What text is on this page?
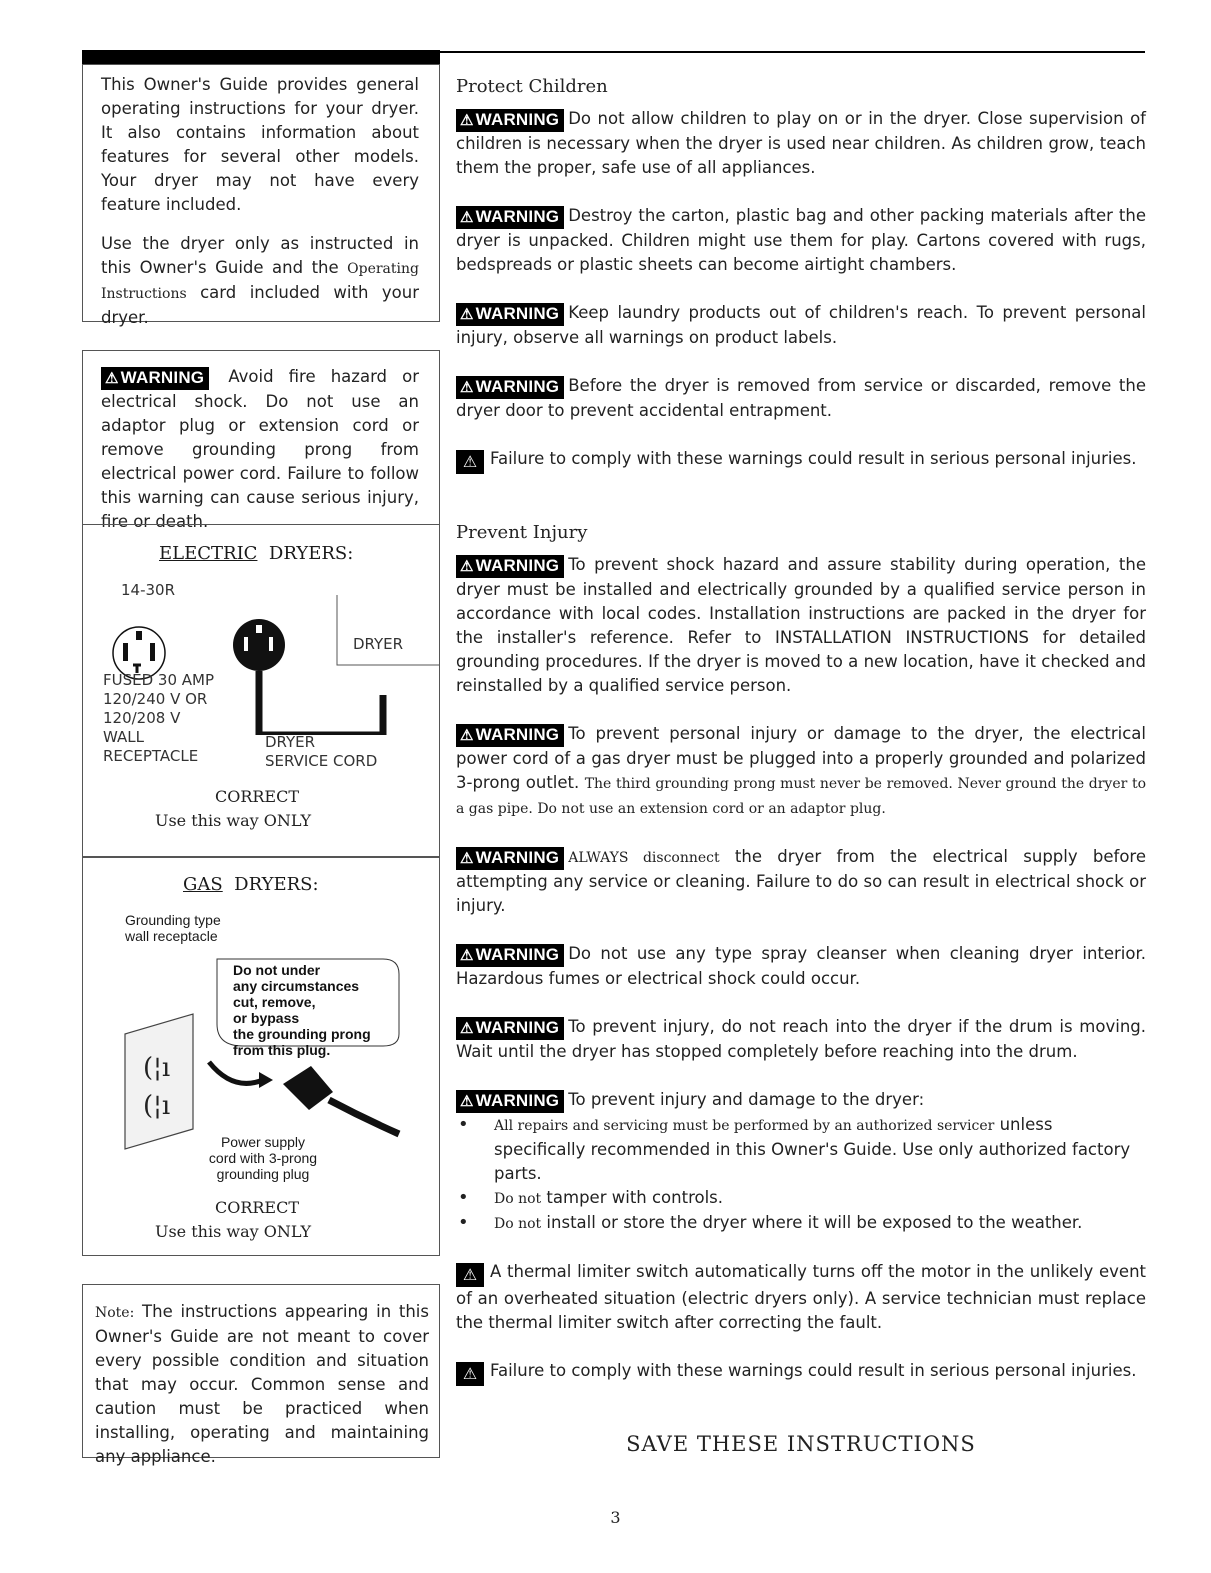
This Owner's Guide provides general operating instructions for your dryer. It also contains information about features for several other models. Your dryer may not have every feature included.

Use the dryer only as instructed in this Owner's Guide and the Operating Instructions card included with your dryer.

⚠ WARNING Avoid fire hazard or electrical shock. Do not use an adaptor plug or extension cord or remove grounding prong from electrical power cord. Failure to follow this warning can cause serious injury, fire or death.

ELECTRIC DRYERS:
14-30R
DRYER
FUSED 30 AMP
120/240 V OR
120/208 V
WALL
RECEPTACLE
DRYER
SERVICE CORD
CORRECT
Use this way ONLY
GAS DRYERS:
Grounding type
wall receptacle
(¦ı
(¦ı
Do not under
any circumstances
cut, remove,
or bypass
the grounding prong
from this plug.
Power supply
cord with 3-prong
grounding plug
CORRECT
Use this way ONLY

Note: The instructions appearing in this Owner's Guide are not meant to cover every possible condition and situation that may occur. Common sense and caution must be practiced when installing, operating and maintaining any appliance.

Protect Children

⚠ WARNING Do not allow children to play on or in the dryer. Close supervision of children is necessary when the dryer is used near children. As children grow, teach them the proper, safe use of all appliances.

⚠ WARNING Destroy the carton, plastic bag and other packing materials after the dryer is unpacked. Children might use them for play. Cartons covered with rugs, bedspreads or plastic sheets can become airtight chambers.

⚠ WARNING Keep laundry products out of children's reach. To prevent personal injury, observe all warnings on product labels.

⚠ WARNING Before the dryer is removed from service or discarded, remove the dryer door to prevent accidental entrapment.

⚠ Failure to comply with these warnings could result in serious personal injuries.

Prevent Injury

⚠ WARNING To prevent shock hazard and assure stability during operation, the dryer must be installed and electrically grounded by a qualified service person in accordance with local codes. Installation instructions are packed in the dryer for the installer's reference. Refer to INSTALLATION INSTRUCTIONS for detailed grounding procedures. If the dryer is moved to a new location, have it checked and reinstalled by a qualified service person.

⚠ WARNING To prevent personal injury or damage to the dryer, the electrical power cord of a gas dryer must be plugged into a properly grounded and polarized 3-prong outlet. The third grounding prong must never be removed. Never ground the dryer to a gas pipe. Do not use an extension cord or an adaptor plug.

⚠ WARNING ALWAYS disconnect the dryer from the electrical supply before attempting any service or cleaning. Failure to do so can result in electrical shock or injury.

⚠ WARNING Do not use any type spray cleanser when cleaning dryer interior. Hazardous fumes or electrical shock could occur.

⚠ WARNING To prevent injury, do not reach into the dryer if the drum is moving. Wait until the dryer has stopped completely before reaching into the drum.

⚠ WARNING To prevent injury and damage to the dryer:

• All repairs and servicing must be performed by an authorized servicer unless specifically recommended in this Owner's Guide. Use only authorized factory parts.
• Do not tamper with controls.
• Do not install or store the dryer where it will be exposed to the weather.

⚠ A thermal limiter switch automatically turns off the motor in the unlikely event of an overheated situation (electric dryers only). A service technician must replace the thermal limiter switch after correcting the fault.

⚠ Failure to comply with these warnings could result in serious personal injuries.

SAVE THESE INSTRUCTIONS
3
